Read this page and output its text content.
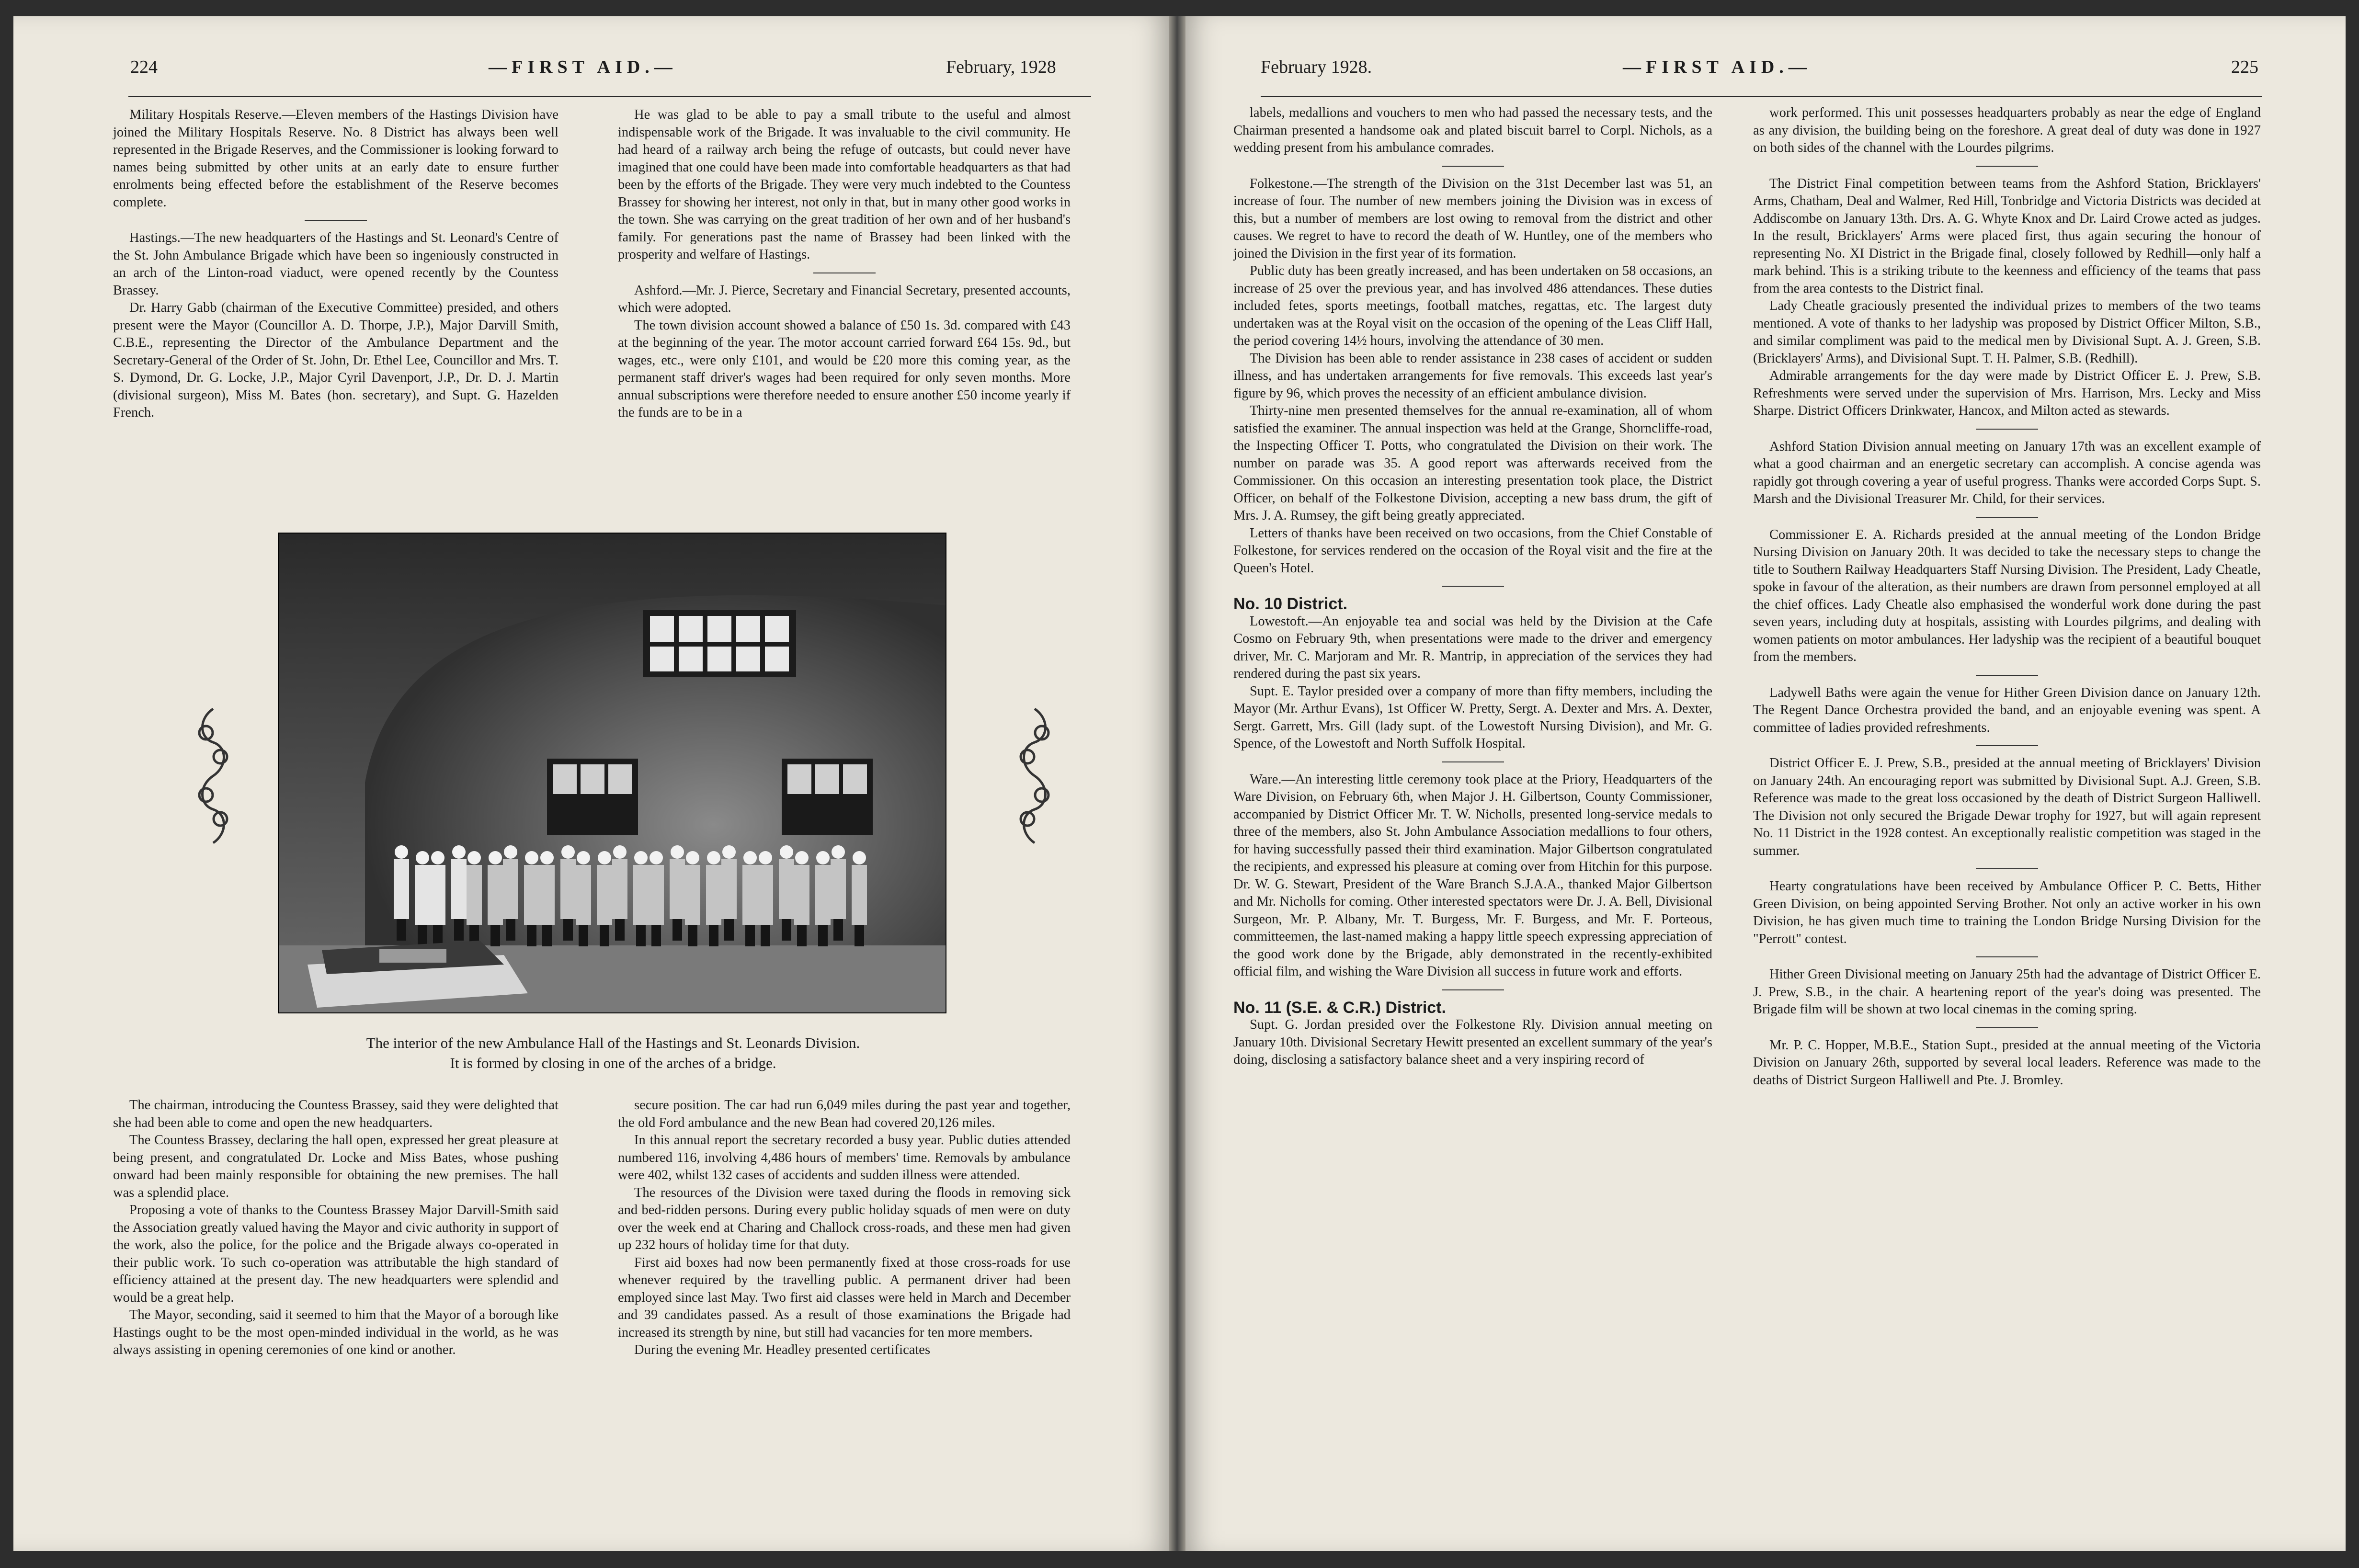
224	—FIRST AID.—	February, 1928

Military Hospitals Reserve.—Eleven members of the Hastings Division have joined the Military Hospitals Reserve. No. 8 District has always been well represented in the Brigade Reserves, and the Commissioner is looking forward to names being submitted by other units at an early date to ensure further enrolments being effected before the establishment of the Reserve becomes complete.

Hastings.—The new headquarters of the Hastings and St. Leonard's Centre of the St. John Ambulance Brigade which have been so ingeniously constructed in an arch of the Linton-road viaduct, were opened recently by the Countess Brassey.

Dr. Harry Gabb (chairman of the Executive Committee) presided, and others present were the Mayor (Councillor A. D. Thorpe, J.P.), Major Darvill Smith, C.B.E., representing the Director of the Ambulance Department and the Secretary-General of the Order of St. John, Dr. Ethel Lee, Councillor and Mrs. T. S. Dymond, Dr. G. Locke, J.P., Major Cyril Davenport, J.P., Dr. D. J. Martin (divisional surgeon), Miss M. Bates (hon. secretary), and Supt. G. Hazelden French.

He was glad to be able to pay a small tribute to the useful and almost indispensable work of the Brigade. It was invaluable to the civil community. He had heard of a railway arch being the refuge of outcasts, but could never have imagined that one could have been made into comfortable headquarters as that had been by the efforts of the Brigade. They were very much indebted to the Countess Brassey for showing her interest, not only in that, but in many other good works in the town. She was carrying on the great tradition of her own and of her husband's family. For generations past the name of Brassey had been linked with the prosperity and welfare of Hastings.

Ashford.—Mr. J. Pierce, Secretary and Financial Secretary, presented accounts, which were adopted.

The town division account showed a balance of £50 1s. 3d. compared with £43 at the beginning of the year. The motor account carried forward £64 15s. 9d., but wages, etc., were only £101, and would be £20 more this coming year, as the permanent staff driver's wages had been required for only seven months. More annual subscriptions were therefore needed to ensure another £50 income yearly if the funds are to be in a

The interior of the new Ambulance Hall of the Hastings and St. Leonards Division.
It is formed by closing in one of the arches of a bridge.

The chairman, introducing the Countess Brassey, said they were delighted that she had been able to come and open the new headquarters.

The Countess Brassey, declaring the hall open, expressed her great pleasure at being present, and congratulated Dr. Locke and Miss Bates, whose pushing onward had been mainly responsible for obtaining the new premises. The hall was a splendid place.

Proposing a vote of thanks to the Countess Brassey Major Darvill-Smith said the Association greatly valued having the Mayor and civic authority in support of the work, also the police, for the police and the Brigade always co-operated in their public work. To such co-operation was attributable the high standard of efficiency attained at the present day. The new headquarters were splendid and would be a great help.

The Mayor, seconding, said it seemed to him that the Mayor of a borough like Hastings ought to be the most open-minded individual in the world, as he was always assisting in opening ceremonies of one kind or another.

secure position. The car had run 6,049 miles during the past year and together, the old Ford ambulance and the new Bean had covered 20,126 miles.

In this annual report the secretary recorded a busy year. Public duties attended numbered 116, involving 4,486 hours of members' time. Removals by ambulance were 402, whilst 132 cases of accidents and sudden illness were attended.

The resources of the Division were taxed during the floods in removing sick and bed-ridden persons. During every public holiday squads of men were on duty over the week end at Charing and Challock cross-roads, and these men had given up 232 hours of holiday time for that duty.

First aid boxes had now been permanently fixed at those cross-roads for use whenever required by the travelling public. A permanent driver had been employed since last May. Two first aid classes were held in March and December and 39 candidates passed. As a result of those examinations the Brigade had increased its strength by nine, but still had vacancies for ten more members.

During the evening Mr. Headley presented certificates

February 1928.	—FIRST AID.—	225

labels, medallions and vouchers to men who had passed the necessary tests, and the Chairman presented a handsome oak and plated biscuit barrel to Corpl. Nichols, as a wedding present from his ambulance comrades.

Folkestone.—The strength of the Division on the 31st December last was 51, an increase of four. The number of new members joining the Division was in excess of this, but a number of members are lost owing to removal from the district and other causes. We regret to have to record the death of W. Huntley, one of the members who joined the Division in the first year of its formation.

Public duty has been greatly increased, and has been undertaken on 58 occasions, an increase of 25 over the previous year, and has involved 486 attendances. These duties included fetes, sports meetings, football matches, regattas, etc. The largest duty undertaken was at the Royal visit on the occasion of the opening of the Leas Cliff Hall, the period covering 14½ hours, involving the attendance of 30 men.

The Division has been able to render assistance in 238 cases of accident or sudden illness, and has undertaken arrangements for five removals. This exceeds last year's figure by 96, which proves the necessity of an efficient ambulance division.

Thirty-nine men presented themselves for the annual re-examination, all of whom satisfied the examiner. The annual inspection was held at the Grange, Shorncliffe-road, the Inspecting Officer T. Potts, who congratulated the Division on their work. The number on parade was 35. A good report was afterwards received from the Commissioner. On this occasion an interesting presentation took place, the District Officer, on behalf of the Folkestone Division, accepting a new bass drum, the gift of Mrs. J. A. Rumsey, the gift being greatly appreciated.

Letters of thanks have been received on two occasions, from the Chief Constable of Folkestone, for services rendered on the occasion of the Royal visit and the fire at the Queen's Hotel.

No. 10 District.

Lowestoft.—An enjoyable tea and social was held by the Division at the Cafe Cosmo on February 9th, when presentations were made to the driver and emergency driver, Mr. C. Marjoram and Mr. R. Mantrip, in appreciation of the services they had rendered during the past six years.

Supt. E. Taylor presided over a company of more than fifty members, including the Mayor (Mr. Arthur Evans), 1st Officer W. Pretty, Sergt. A. Dexter and Mrs. A. Dexter, Sergt. Garrett, Mrs. Gill (lady supt. of the Lowestoft Nursing Division), and Mr. G. Spence, of the Lowestoft and North Suffolk Hospital.

Ware.—An interesting little ceremony took place at the Priory, Headquarters of the Ware Division, on February 6th, when Major J. H. Gilbertson, County Commissioner, accompanied by District Officer Mr. T. W. Nicholls, presented long-service medals to three of the members, also St. John Ambulance Association medallions to four others, for having successfully passed their third examination. Major Gilbertson congratulated the recipients, and expressed his pleasure at coming over from Hitchin for this purpose. Dr. W. G. Stewart, President of the Ware Branch S.J.A.A., thanked Major Gilbertson and Mr. Nicholls for coming. Other interested spectators were Dr. J. A. Bell, Divisional Surgeon, Mr. P. Albany, Mr. T. Burgess, Mr. F. Burgess, and Mr. F. Porteous, committeemen, the last-named making a happy little speech expressing appreciation of the good work done by the Brigade, ably demonstrated in the recently-exhibited official film, and wishing the Ware Division all success in future work and efforts.

No. 11 (S.E. & C.R.) District.

Supt. G. Jordan presided over the Folkestone Rly. Division annual meeting on January 10th. Divisional Secretary Hewitt presented an excellent summary of the year's doing, disclosing a satisfactory balance sheet and a very inspiring record of

work performed. This unit possesses headquarters probably as near the edge of England as any division, the building being on the foreshore. A great deal of duty was done in 1927 on both sides of the channel with the Lourdes pilgrims.

The District Final competition between teams from the Ashford Station, Bricklayers' Arms, Chatham, Deal and Walmer, Red Hill, Tonbridge and Victoria Districts was decided at Addiscombe on January 13th. Drs. A. G. Whyte Knox and Dr. Laird Crowe acted as judges. In the result, Bricklayers' Arms were placed first, thus again securing the honour of representing No. XI District in the Brigade final, closely followed by Redhill—only half a mark behind. This is a striking tribute to the keenness and efficiency of the teams that pass from the area contests to the District final.

Lady Cheatle graciously presented the individual prizes to members of the two teams mentioned. A vote of thanks to her ladyship was proposed by District Officer Milton, S.B., and similar compliment was paid to the medical men by Divisional Supt. A. J. Green, S.B. (Bricklayers' Arms), and Divisional Supt. T. H. Palmer, S.B. (Redhill).

Admirable arrangements for the day were made by District Officer E. J. Prew, S.B. Refreshments were served under the supervision of Mrs. Harrison, Mrs. Lecky and Miss Sharpe. District Officers Drinkwater, Hancox, and Milton acted as stewards.

Ashford Station Division annual meeting on January 17th was an excellent example of what a good chairman and an energetic secretary can accomplish. A concise agenda was rapidly got through covering a year of useful progress. Thanks were accorded Corps Supt. S. Marsh and the Divisional Treasurer Mr. Child, for their services.

Commissioner E. A. Richards presided at the annual meeting of the London Bridge Nursing Division on January 20th. It was decided to take the necessary steps to change the title to Southern Railway Headquarters Staff Nursing Division. The President, Lady Cheatle, spoke in favour of the alteration, as their numbers are drawn from personnel employed at all the chief offices. Lady Cheatle also emphasised the wonderful work done during the past seven years, including duty at hospitals, assisting with Lourdes pilgrims, and dealing with women patients on motor ambulances. Her ladyship was the recipient of a beautiful bouquet from the members.

Ladywell Baths were again the venue for Hither Green Division dance on January 12th. The Regent Dance Orchestra provided the band, and an enjoyable evening was spent. A committee of ladies provided refreshments.

District Officer E. J. Prew, S.B., presided at the annual meeting of Bricklayers' Division on January 24th. An encouraging report was submitted by Divisional Supt. A.J. Green, S.B. Reference was made to the great loss occasioned by the death of District Surgeon Halliwell. The Division not only secured the Brigade Dewar trophy for 1927, but will again represent No. 11 District in the 1928 contest. An exceptionally realistic competition was staged in the summer.

Hearty congratulations have been received by Ambulance Officer P. C. Betts, Hither Green Division, on being appointed Serving Brother. Not only an active worker in his own Division, he has given much time to training the London Bridge Nursing Division for the "Perrott" contest.

Hither Green Divisional meeting on January 25th had the advantage of District Officer E. J. Prew, S.B., in the chair. A heartening report of the year's doing was presented. The Brigade film will be shown at two local cinemas in the coming spring.

Mr. P. C. Hopper, M.B.E., Station Supt., presided at the annual meeting of the Victoria Division on January 26th, supported by several local leaders. Reference was made to the deaths of District Surgeon Halliwell and Pte. J. Bromley.
